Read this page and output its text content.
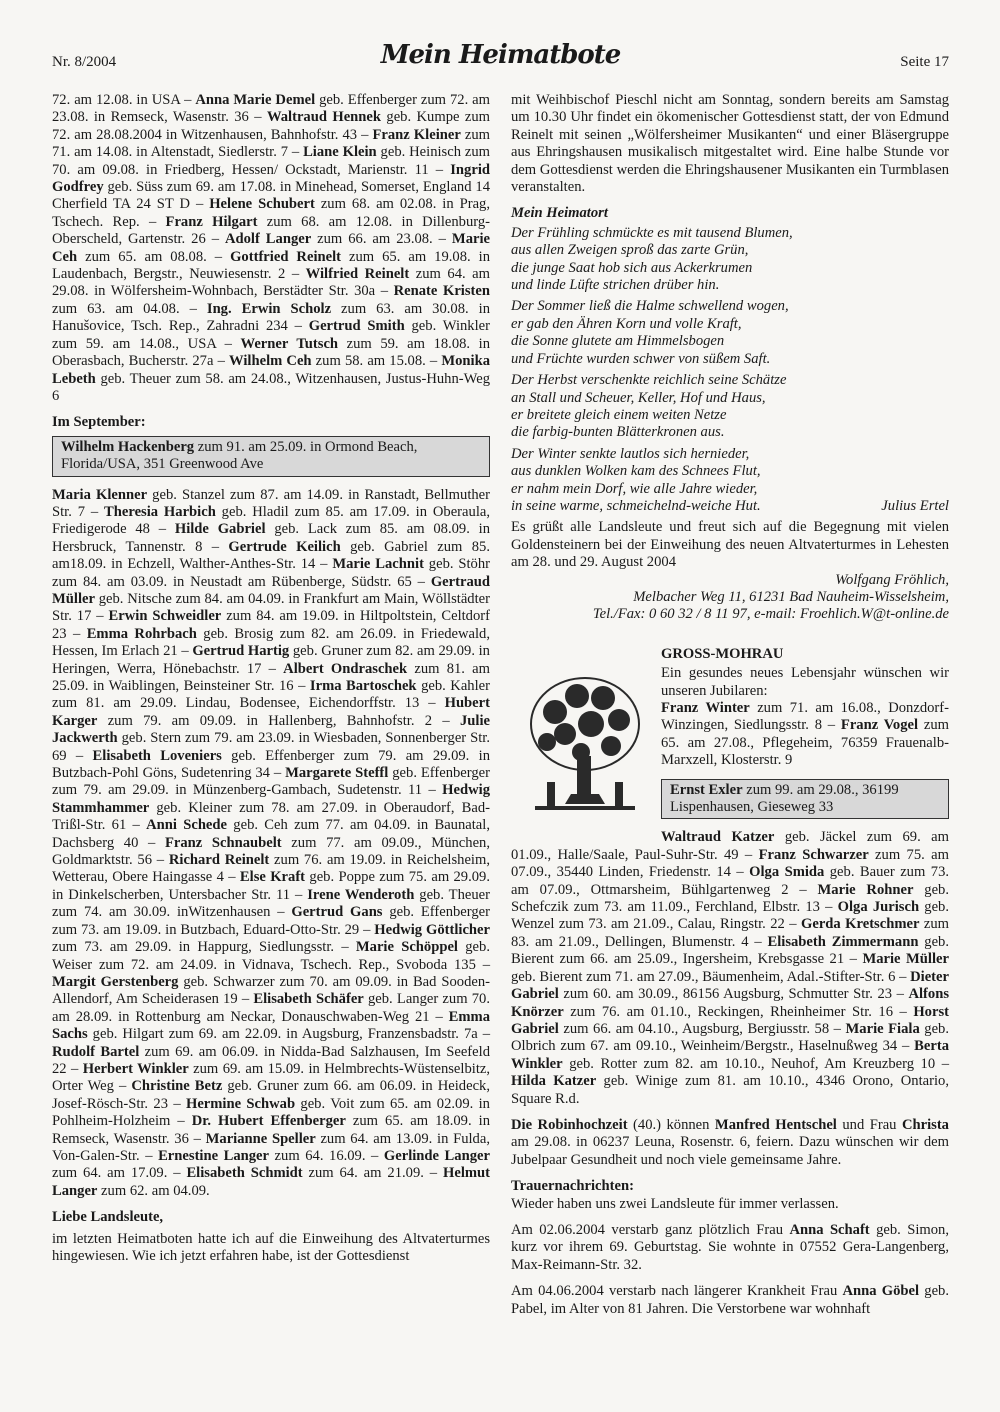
Nr. 8/2004	Mein Heimatbote	Seite 17

72. am 12.08. in USA – Anna Marie Demel geb. Effenberger zum 72. am 23.08. in Remseck, Wasenstr. 36 – Waltraud Hennek geb. Kumpe zum 72. am 28.08.2004 in Witzenhausen, Bahnhofstr. 43 – Franz Kleiner zum 71. am 14.08. in Altenstadt, Siedlerstr. 7 – Liane Klein geb. Heinisch zum 70. am 09.08. in Friedberg, Hessen/ Ockstadt, Marienstr. 11 – Ingrid Godfrey geb. Süss zum 69. am 17.08. in Minehead, Somerset, England 14 Cherfield TA 24 ST D – Helene Schubert zum 68. am 02.08. in Prag, Tschech. Rep. – Franz Hilgart zum 68. am 12.08. in Dillenburg-Oberscheld, Gartenstr. 26 – Adolf Langer zum 66. am 23.08. – Marie Ceh zum 65. am 08.08. – Gottfried Reinelt zum 65. am 19.08. in Laudenbach, Bergstr., Neuwiesenstr. 2 – Wilfried Reinelt zum 64. am 29.08. in Wölfersheim-Wohnbach, Berstädter Str. 30a – Renate Kristen zum 63. am 04.08. – Ing. Erwin Scholz zum 63. am 30.08. in Hanušovice, Tsch. Rep., Zahradni 234 – Gertrud Smith geb. Winkler zum 59. am 14.08., USA – Werner Tutsch zum 59. am 18.08. in Oberasbach, Bucherstr. 27a – Wilhelm Ceh zum 58. am 15.08. – Monika Lebeth geb. Theuer zum 58. am 24.08., Witzenhausen, Justus-Huhn-Weg 6

Im September:
Wilhelm Hackenberg zum 91. am 25.09. in Ormond Beach, Florida/USA, 351 Greenwood Ave

Maria Klenner geb. Stanzel zum 87. am 14.09. in Ranstadt, Bellmuther Str. 7 – Theresia Harbich geb. Hladil zum 85. am 17.09. in Oberaula, Friedigerode 48 – Hilde Gabriel geb. Lack zum 85. am 08.09. in Hersbruck, Tannenstr. 8 – Gertrude Keilich geb. Gabriel zum 85. am18.09. in Echzell, Walther-Anthes-Str. 14 – Marie Lachnit geb. Stöhr zum 84. am 03.09. in Neustadt am Rübenberge, Südstr. 65 – Gertraud Müller geb. Nitsche zum 84. am 04.09. in Frankfurt am Main, Wöllstädter Str. 17 – Erwin Schweidler zum 84. am 19.09. in Hiltpoltstein, Celtdorf 23 – Emma Rohrbach geb. Brosig zum 82. am 26.09. in Friedewald, Hessen, Im Erlach 21 – Gertrud Hartig geb. Gruner zum 82. am 29.09. in Heringen, Werra, Hönebachstr. 17 – Albert Ondraschek zum 81. am 25.09. in Waiblingen, Beinsteiner Str. 16 – Irma Bartoschek geb. Kahler zum 81. am 29.09. Lindau, Bodensee, Eichendorffstr. 13 – Hubert Karger zum 79. am 09.09. in Hallenberg, Bahnhofstr. 2 – Julie Jackwerth geb. Stern zum 79. am 23.09. in Wiesbaden, Sonnenberger Str. 69 – Elisabeth Loveniers geb. Effenberger zum 79. am 29.09. in Butzbach-Pohl Göns, Sudetenring 34 – Margarete Steffl geb. Effenberger zum 79. am 29.09. in Münzenberg-Gambach, Sudetenstr. 11 – Hedwig Stammhammer geb. Kleiner zum 78. am 27.09. in Oberaudorf, Bad-Trißl-Str. 61 – Anni Schede geb. Ceh zum 77. am 04.09. in Baunatal, Dachsberg 40 – Franz Schnaubelt zum 77. am 09.09., München, Goldmarktstr. 56 – Richard Reinelt zum 76. am 19.09. in Reichelsheim, Wetterau, Obere Haingasse 4 – Else Kraft geb. Poppe zum 75. am 29.09. in Dinkelscherben, Untersbacher Str. 11 – Irene Wenderoth geb. Theuer zum 74. am 30.09. inWitzenhausen – Gertrud Gans geb. Effenberger zum 73. am 19.09. in Butzbach, Eduard-Otto-Str. 29 – Hedwig Göttlicher zum 73. am 29.09. in Happurg, Siedlungsstr. – Marie Schöppel geb. Weiser zum 72. am 24.09. in Vidnava, Tschech. Rep., Svoboda 135 – Margit Gerstenberg geb. Schwarzer zum 70. am 09.09. in Bad Sooden-Allendorf, Am Scheiderasen 19 – Elisabeth Schäfer geb. Langer zum 70. am 28.09. in Rottenburg am Neckar, Donauschwaben-Weg 21 – Emma Sachs geb. Hilgart zum 69. am 22.09. in Augsburg, Franzensbadstr. 7a – Rudolf Bartel zum 69. am 06.09. in Nidda-Bad Salzhausen, Im Seefeld 22 – Herbert Winkler zum 69. am 15.09. in Helmbrechts-Wüstenselbitz, Orter Weg – Christine Betz geb. Gruner zum 66. am 06.09. in Heideck, Josef-Rösch-Str. 23 – Hermine Schwab geb. Voit zum 65. am 02.09. in Pohlheim-Holzheim – Dr. Hubert Effenberger zum 65. am 18.09. in Remseck, Wasenstr. 36 – Marianne Speller zum 64. am 13.09. in Fulda, Von-Galen-Str. – Ernestine Langer zum 64. 16.09. – Gerlinde Langer zum 64. am 17.09. – Elisabeth Schmidt zum 64. am 21.09. – Helmut Langer zum 62. am 04.09.

Liebe Landsleute,

im letzten Heimatboten hatte ich auf die Einweihung des Altvaterturmes hingewiesen. Wie ich jetzt erfahren habe, ist der Gottesdienst

mit Weihbischof Pieschl nicht am Sonntag, sondern bereits am Samstag um 10.30 Uhr findet ein ökomenischer Gottesdienst statt, der von Edmund Reinelt mit seinen „Wölfersheimer Musikanten“ und einer Bläsergruppe aus Ehringshausen musikalisch mitgestaltet wird. Eine halbe Stunde vor dem Gottesdienst werden die Ehringshausener Musikanten ein Turmblasen veranstalten.

Mein Heimatort
Der Frühling schmückte es mit tausend Blumen,
aus allen Zweigen sproß das zarte Grün,
die junge Saat hob sich aus Ackerkrumen
und linde Lüfte strichen drüber hin.
Der Sommer ließ die Halme schwellend wogen,
er gab den Ähren Korn und volle Kraft,
die Sonne glutete am Himmelsbogen
und Früchte wurden schwer von süßem Saft.
Der Herbst verschenkte reichlich seine Schätze
an Stall und Scheuer, Keller, Hof und Haus,
er breitete gleich einem weiten Netze
die farbig-bunten Blätterkronen aus.
Der Winter senkte lautlos sich hernieder,
aus dunklen Wolken kam des Schnees Flut,
er nahm mein Dorf, wie alle Jahre wieder,
in seine warme, schmeichelnd-weiche Hut.	Julius Ertel

Es grüßt alle Landsleute und freut sich auf die Begegnung mit vielen Goldensteinern bei der Einweihung des neuen Altvaterturmes in Lehesten am 28. und 29. August 2004

Wolfgang Fröhlich,
Melbacher Weg 11, 61231 Bad Nauheim-Wisselsheim,
Tel./Fax: 0 60 32 / 8 11 97, e-mail: Froehlich.W@t-online.de
GROSS-MOHRAU

Ein gesundes neues Lebensjahr wünschen wir unseren Jubilaren:

Franz Winter zum 71. am 16.08., Donzdorf-Winzingen, Siedlungsstr. 8 – Franz Vogel zum 65. am 27.08., Pflegeheim, 76359 Frauenalb-Marxzell, Klosterstr. 9

Ernst Exler zum 99. am 29.08., 36199 Lispenhausen, Gieseweg 33

Waltraud Katzer geb. Jäckel zum 69. am 01.09., Halle/Saale, Paul-Suhr-Str. 49 – Franz Schwarzer zum 75. am 07.09., 35440 Linden, Friedenstr. 14 – Olga Smida geb. Bauer zum 73. am 07.09., Ottmarsheim, Bühlgartenweg 2 – Marie Rohner geb. Schefczik zum 73. am 11.09., Ferchland, Elbstr. 13 – Olga Jurisch geb. Wenzel zum 73. am 21.09., Calau, Ringstr. 22 – Gerda Kretschmer zum 83. am 21.09., Dellingen, Blumenstr. 4 – Elisabeth Zimmermann geb. Bierent zum 66. am 25.09., Ingersheim, Krebsgasse 21 – Marie Müller geb. Bierent zum 71. am 27.09., Bäumenheim, Adal.-Stifter-Str. 6 – Dieter Gabriel zum 60. am 30.09., 86156 Augsburg, Schmutter Str. 23 – Alfons Knörzer zum 76. am 01.10., Reckingen, Rheinheimer Str. 16 – Horst Gabriel zum 66. am 04.10., Augsburg, Bergiusstr. 58 – Marie Fiala geb. Olbrich zum 67. am 09.10., Weinheim/Bergstr., Haselnußweg 34 – Berta Winkler geb. Rotter zum 82. am 10.10., Neuhof, Am Kreuzberg 10 – Hilda Katzer geb. Winige zum 81. am 10.10., 4346 Orono, Ontario, Square R.d.

Die Robinhochzeit (40.) können Manfred Hentschel und Frau Christa am 29.08. in 06237 Leuna, Rosenstr. 6, feiern. Dazu wünschen wir dem Jubelpaar Gesundheit und noch viele gemeinsame Jahre.

Trauernachrichten:

Wieder haben uns zwei Landsleute für immer verlassen.

Am 02.06.2004 verstarb ganz plötzlich Frau Anna Schaft geb. Simon, kurz vor ihrem 69. Geburtstag. Sie wohnte in 07552 Gera-Langenberg, Max-Reimann-Str. 32.

Am 04.06.2004 verstarb nach längerer Krankheit Frau Anna Göbel geb. Pabel, im Alter von 81 Jahren. Die Verstorbene war wohnhaft
